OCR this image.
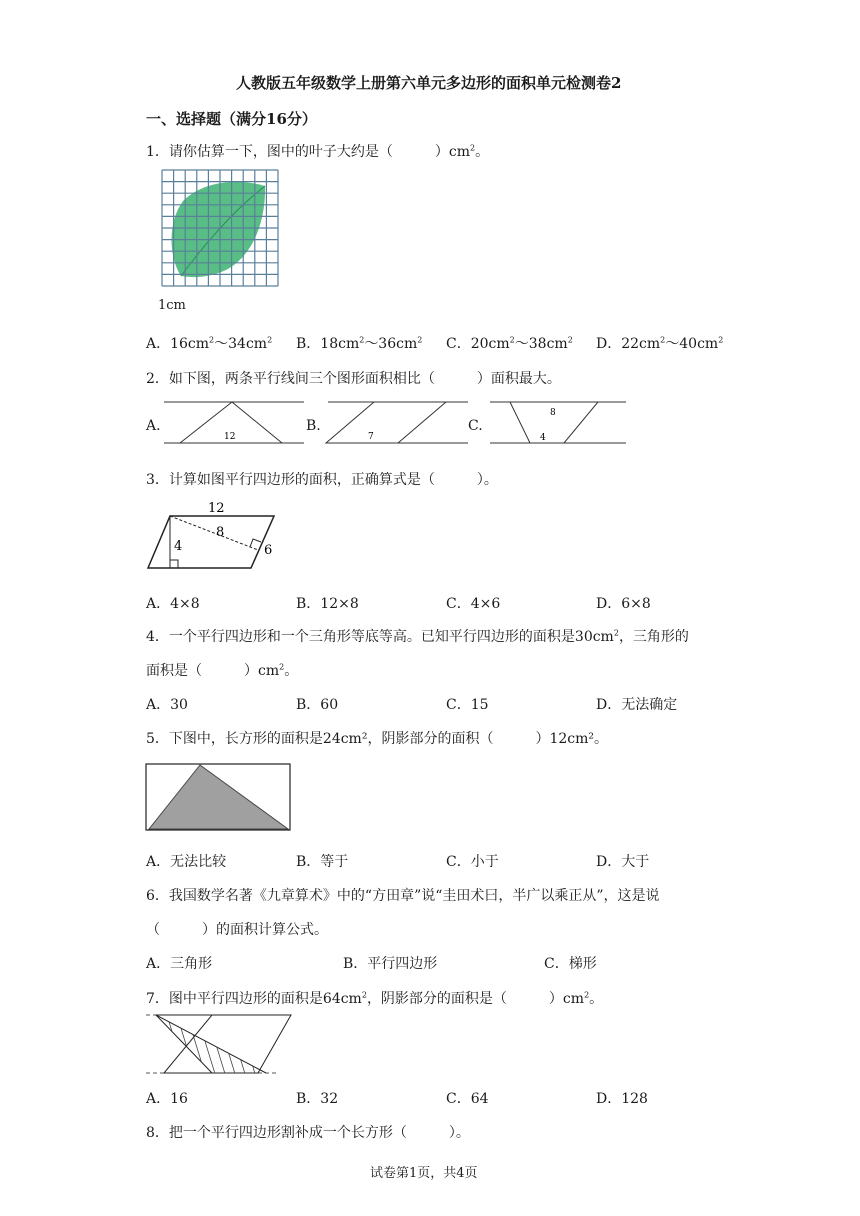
人教版五年级数学上册第六单元多边形的面积单元检测卷2
一、选择题（满分16分）
1．请你估算一下，图中的叶子大约是（　　　）$cm^2$。
1cm
A．$16cm^2\sim 34cm^2$ B．$18cm^2\sim 36cm^2$ C．$20cm^2\sim 38cm^2$ D．$22cm^2\sim 40cm^2$
2．如下图，两条平行线间三个图形面积相比（　　　）面积最大。
A.
12
B.
7
C.
8
4
3．计算如图平行四边形的面积，正确算式是（　　　）。
12
8
4	6
A．4×8	B．12×8	C．4×6	D．6×8
4．一个平行四边形和一个三角形等底等高。已知平行四边形的面积是$30cm^2$，三角形的
面积是（　　　）$cm^2$。
A．30	B．60	C．15	D．无法确定
5．下图中，长方形的面积是24cm²，阴影部分的面积（　　　）12cm²。
A．无法比较	B．等于	C．小于	D．大于
6．我国数学名著《九章算术》中的“方田章”说“圭田术曰，半广以乘正从”，这是说
（　　　）的面积计算公式。
A．三角形	B．平行四边形	C．梯形
7．图中平行四边形的面积是$64cm^2$，阴影部分的面积是（　　　）$cm^2$。
A．16	B．32	C．64	D．128
8．把一个平行四边形割补成一个长方形（　　　）。
试卷第1页，共4页
